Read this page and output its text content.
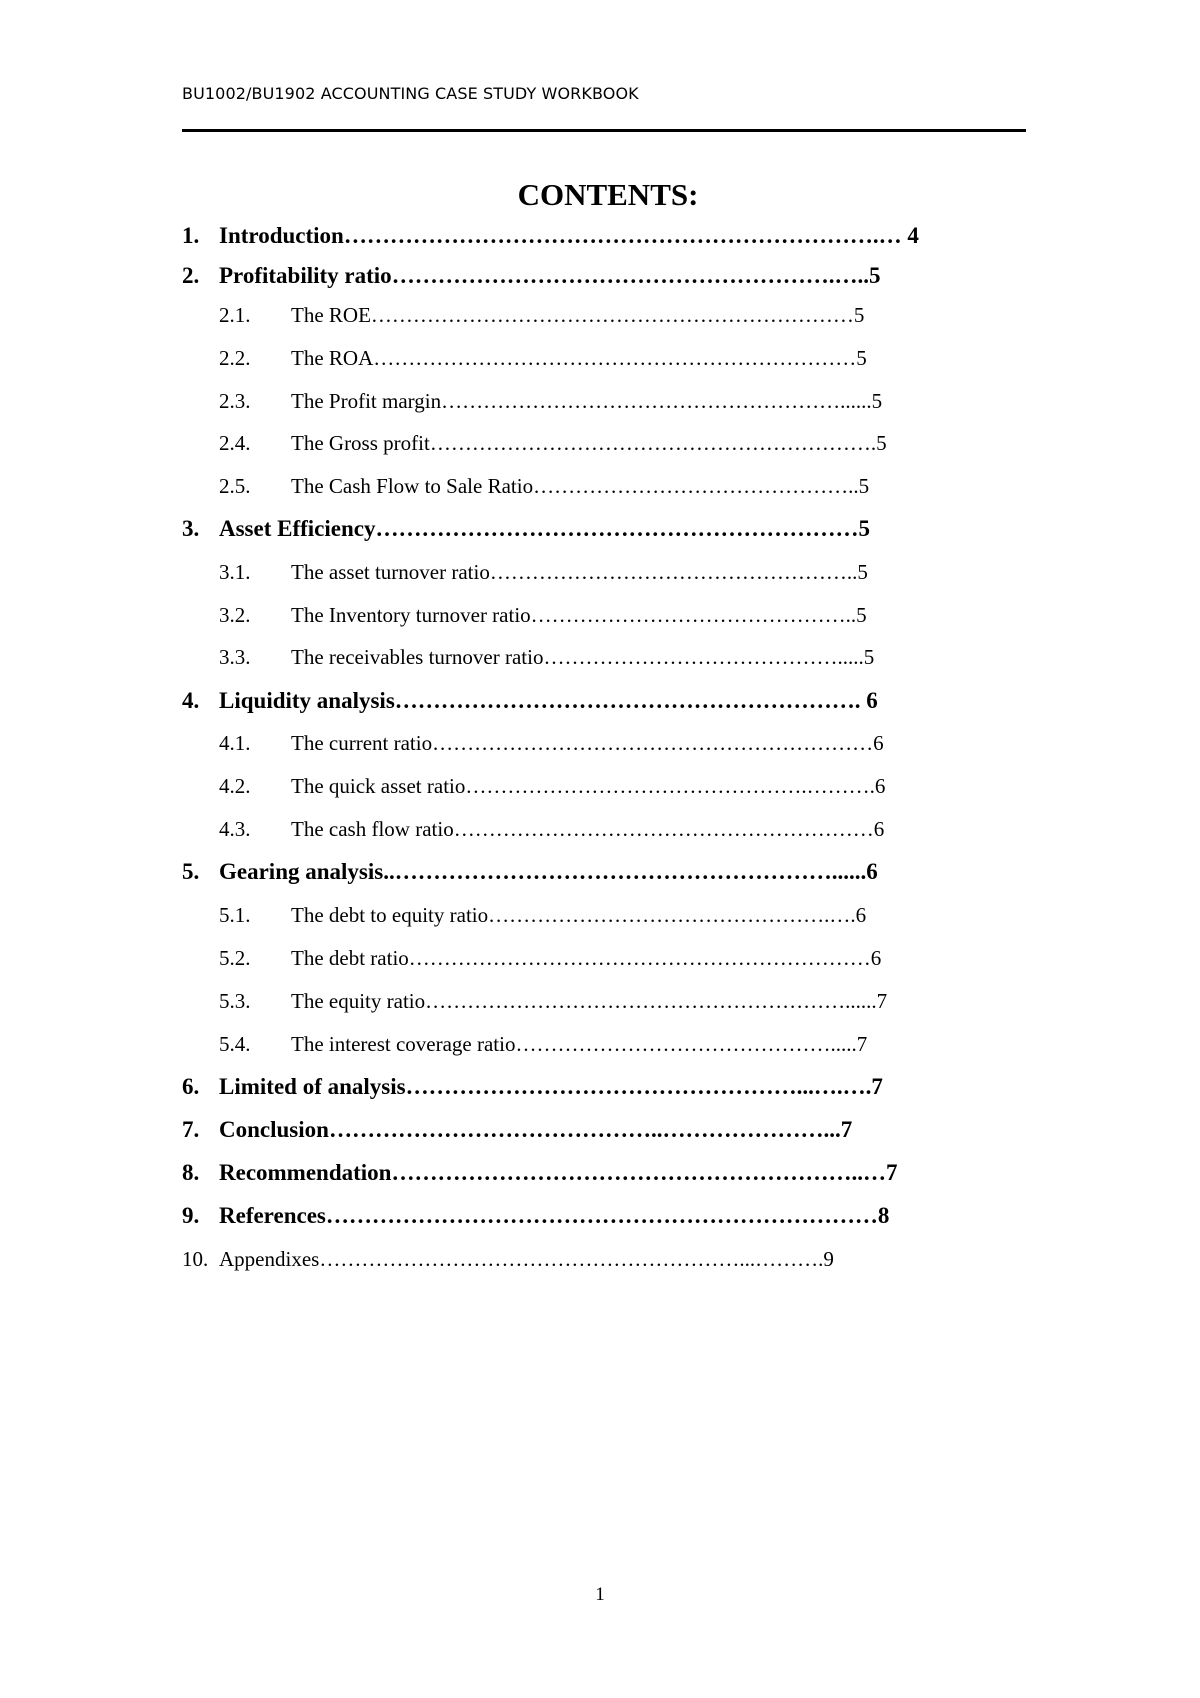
BU1002/BU1902 ACCOUNTING CASE STUDY WORKBOOK
CONTENTS:
1. Introduction…………………………………………………………….… 4
2. Profitability ratio………………………………………………….…..5
2.1. The ROE……………………………………………………………5
2.2. The ROA……………………………………………………………5
2.3. The Profit margin…………………………………………………......5
2.4. The Gross profit……………………………………………………….5
2.5. The Cash Flow to Sale Ratio………………………………………..5
3. Asset Efficiency………………………………………………………5
3.1. The asset turnover ratio……………………………………………..5
3.2. The Inventory turnover ratio………………………………………..5
3.3. The receivables turnover ratio…………………………………….....5
4. Liquidity analysis……………………………………………………. 6
4.1. The current ratio………………………………………………………6
4.2. The quick asset ratio………………………………………….……….6
4.3. The cash flow ratio……………………………………………………6
5. Gearing analysis..…………………………………………………......6
5.1. The debt to equity ratio………………………………………….….6
5.2. The debt ratio…………………………………………………………6
5.3. The equity ratio……………………………………………………......7
5.4. The interest coverage ratio……………………………………….....7
6. Limited of analysis……………………………………………...….….7
7. Conclusion……………………………………..…………………...7
8. Recommendation……………………………………………………..…7
9. References………………………………………………………………8
10. Appendixes……………………………………………………...……….9
1
